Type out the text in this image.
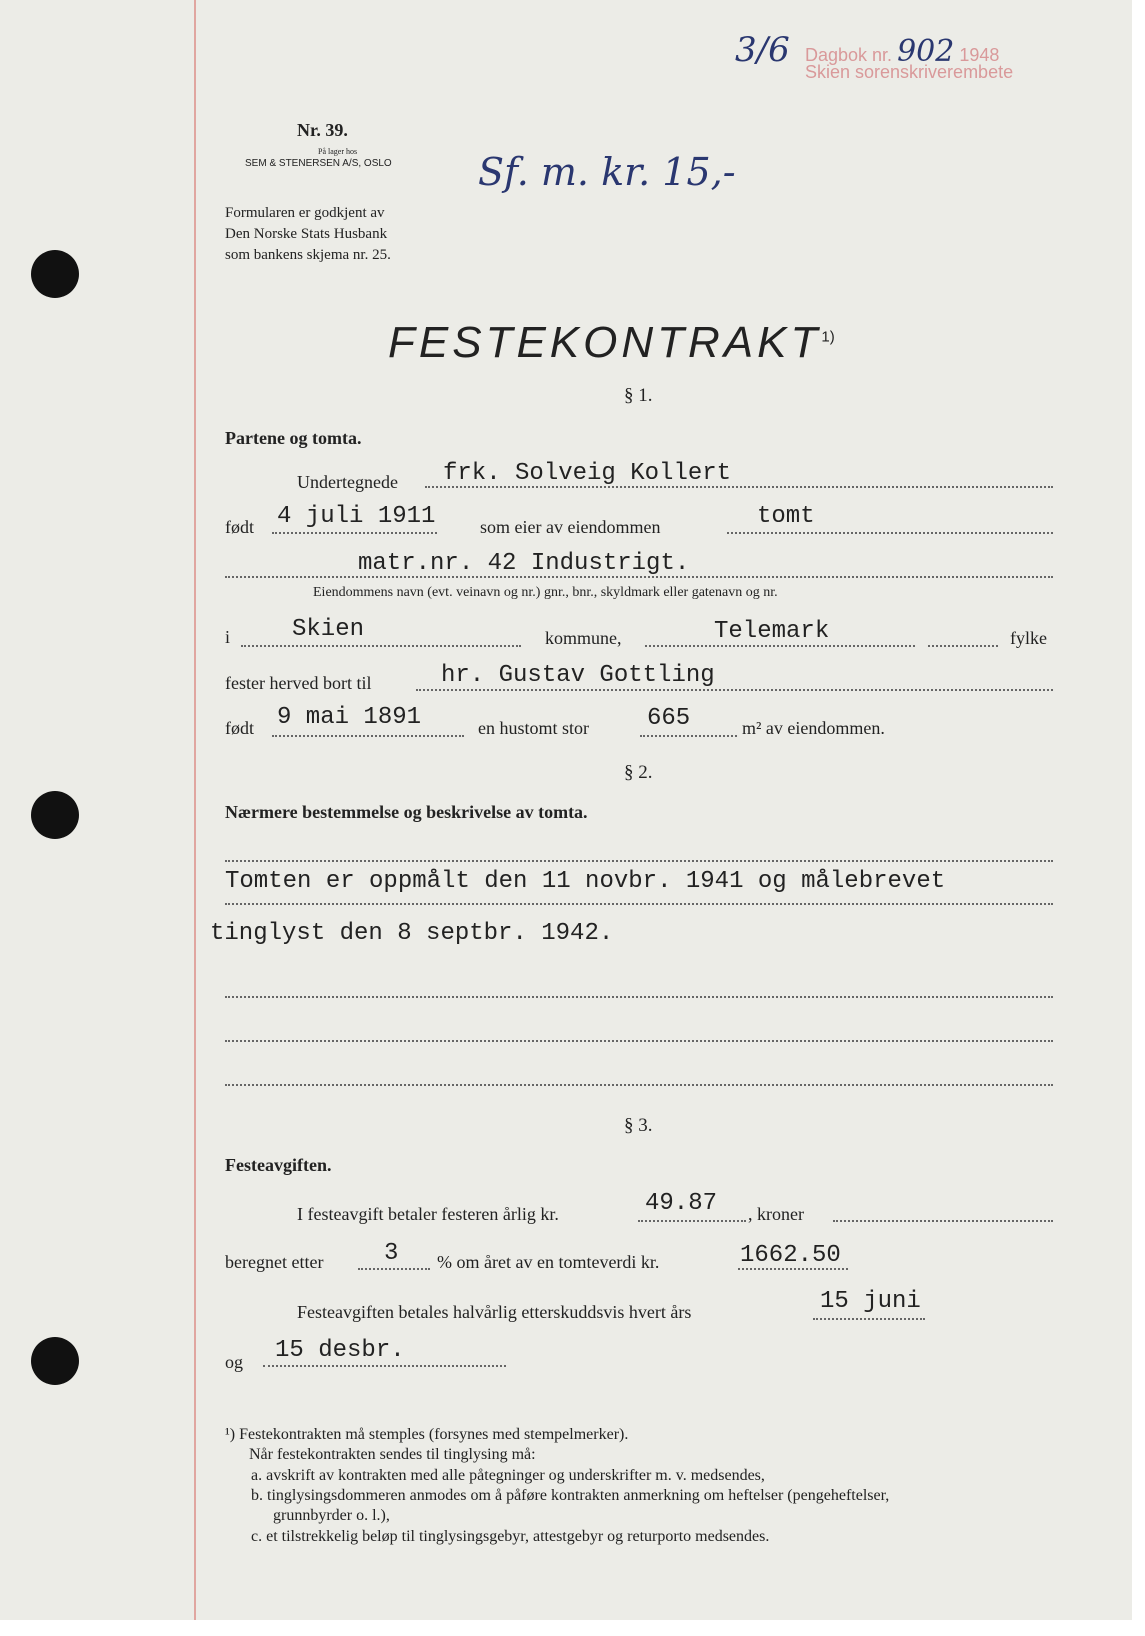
3/6 Dagbok nr. 902 1948
Skien sorenskriverembete
Nr. 39.
På lager hos
SEM & STENERSEN A/S, OSLO
Formularen er godkjent av
Den Norske Stats Husbank
som bankens skjema nr. 25.
Sf. m. kr. 15,-
FESTEKONTRAKT$^{1)}$
§ 1.
Partene og tomta.
Undertegnede frk. Solveig Kollert
født 4 juli 1911 som eier av eiendommen	tomt
matr.nr. 42 Industrigt.
Eiendommens navn (evt. veinavn og nr.) gnr., bnr., skyldmark eller gatenavn og nr.
i	Skien	kommune,	Telemark	fylke
fester herved bort til	hr. Gustav Gottling
født 9 mai 1891	en hustomt stor 665	m² av eiendommen.
§ 2.
Nærmere bestemmelse og beskrivelse av tomta.
Tomten er oppmålt den 11 novbr. 1941 og målebrevet
tinglyst den 8 septbr. 1942.
§ 3.
Festeavgiften.
I festeavgift betaler festeren årlig kr.	49.87 , kroner
beregnet etter	3 % om året av en tomteverdi kr.	1662.50
Festeavgiften betales halvårlig etterskuddsvis hvert års	15 juni
og 15 desbr.
¹) Festekontrakten må stemples (forsynes med stempelmerker).
Når festekontrakten sendes til tinglysing må:
a. avskrift av kontrakten med alle påtegninger og underskrifter m. v. medsendes,
b. tinglysingsdommeren anmodes om å påføre kontrakten anmerkning om heftelser (pengeheftelser,
grunnbyrder o. l.),
c. et tilstrekkelig beløp til tinglysingsgebyr, attestgebyr og returporto medsendes.
